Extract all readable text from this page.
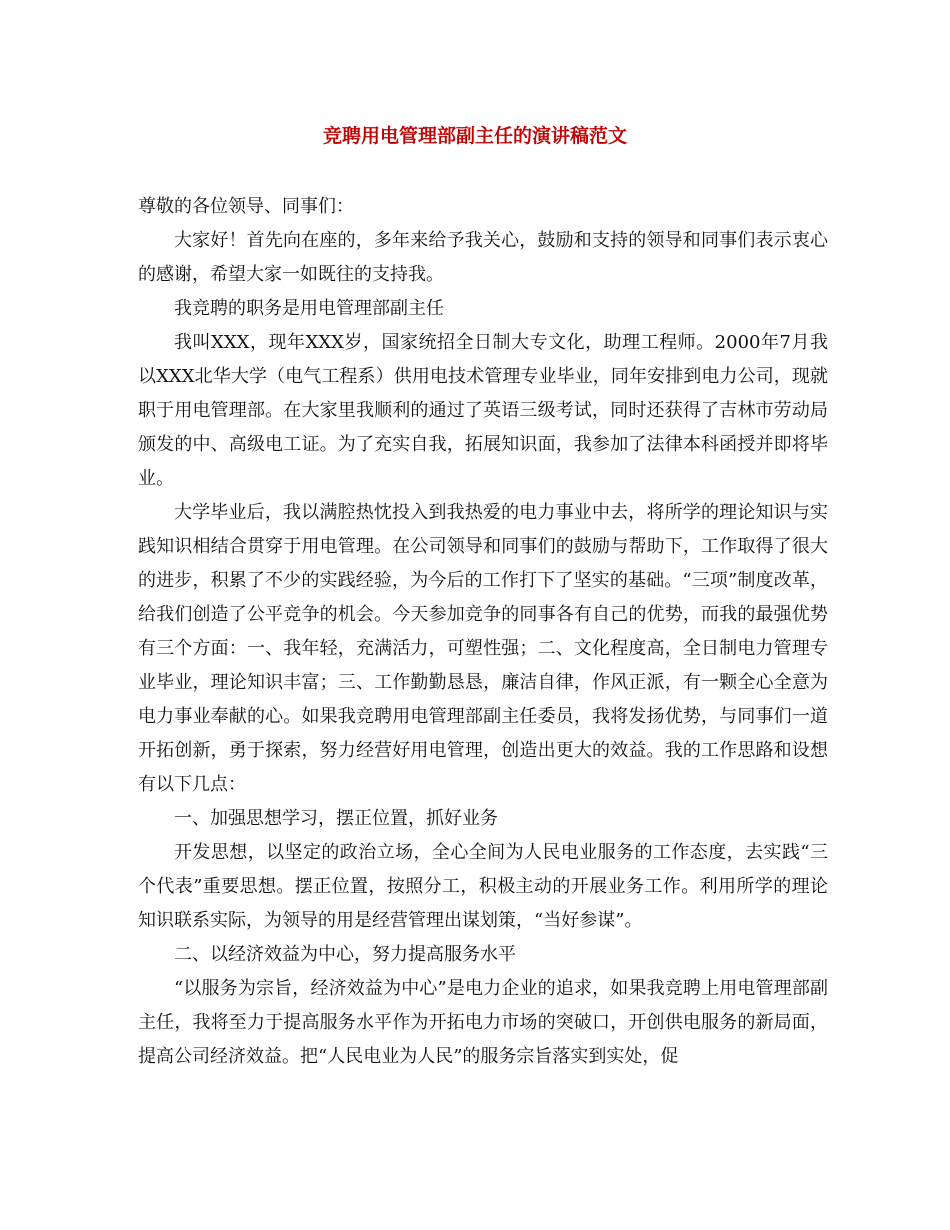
竞聘用电管理部副主任的演讲稿范文

尊敬的各位领导、同事们：

大家好！首先向在座的，多年来给予我关心，鼓励和支持的领导和同事们表示衷心的感谢，希望大家一如既往的支持我。

我竞聘的职务是用电管理部副主任

我叫XXX，现年XXX岁，国家统招全日制大专文化，助理工程师。2000年7月我以XXX北华大学（电气工程系）供用电技术管理专业毕业，同年安排到电力公司，现就职于用电管理部。在大家里我顺利的通过了英语三级考试，同时还获得了吉林市劳动局颁发的中、高级电工证。为了充实自我，拓展知识面，我参加了法律本科函授并即将毕业。

大学毕业后，我以满腔热忱投入到我热爱的电力事业中去，将所学的理论知识与实践知识相结合贯穿于用电管理。在公司领导和同事们的鼓励与帮助下，工作取得了很大的进步，积累了不少的实践经验，为今后的工作打下了坚实的基础。“三项”制度改革，给我们创造了公平竞争的机会。今天参加竞争的同事各有自己的优势，而我的最强优势有三个方面：一、我年轻，充满活力，可塑性强；二、文化程度高，全日制电力管理专业毕业，理论知识丰富；三、工作勤勤恳恳，廉洁自律，作风正派，有一颗全心全意为电力事业奉献的心。如果我竞聘用电管理部副主任委员，我将发扬优势，与同事们一道开拓创新，勇于探索，努力经营好用电管理，创造出更大的效益。我的工作思路和设想有以下几点：

一、加强思想学习，摆正位置，抓好业务

开发思想，以坚定的政治立场，全心全间为人民电业服务的工作态度，去实践“三个代表”重要思想。摆正位置，按照分工，积极主动的开展业务工作。利用所学的理论知识联系实际，为领导的用是经营管理出谋划策，“当好参谋”。

二、以经济效益为中心，努力提高服务水平

“以服务为宗旨，经济效益为中心”是电力企业的追求，如果我竞聘上用电管理部副主任，我将至力于提高服务水平作为开拓电力市场的突破口，开创供电服务的新局面，提高公司经济效益。把“人民电业为人民”的服务宗旨落实到实处，促
